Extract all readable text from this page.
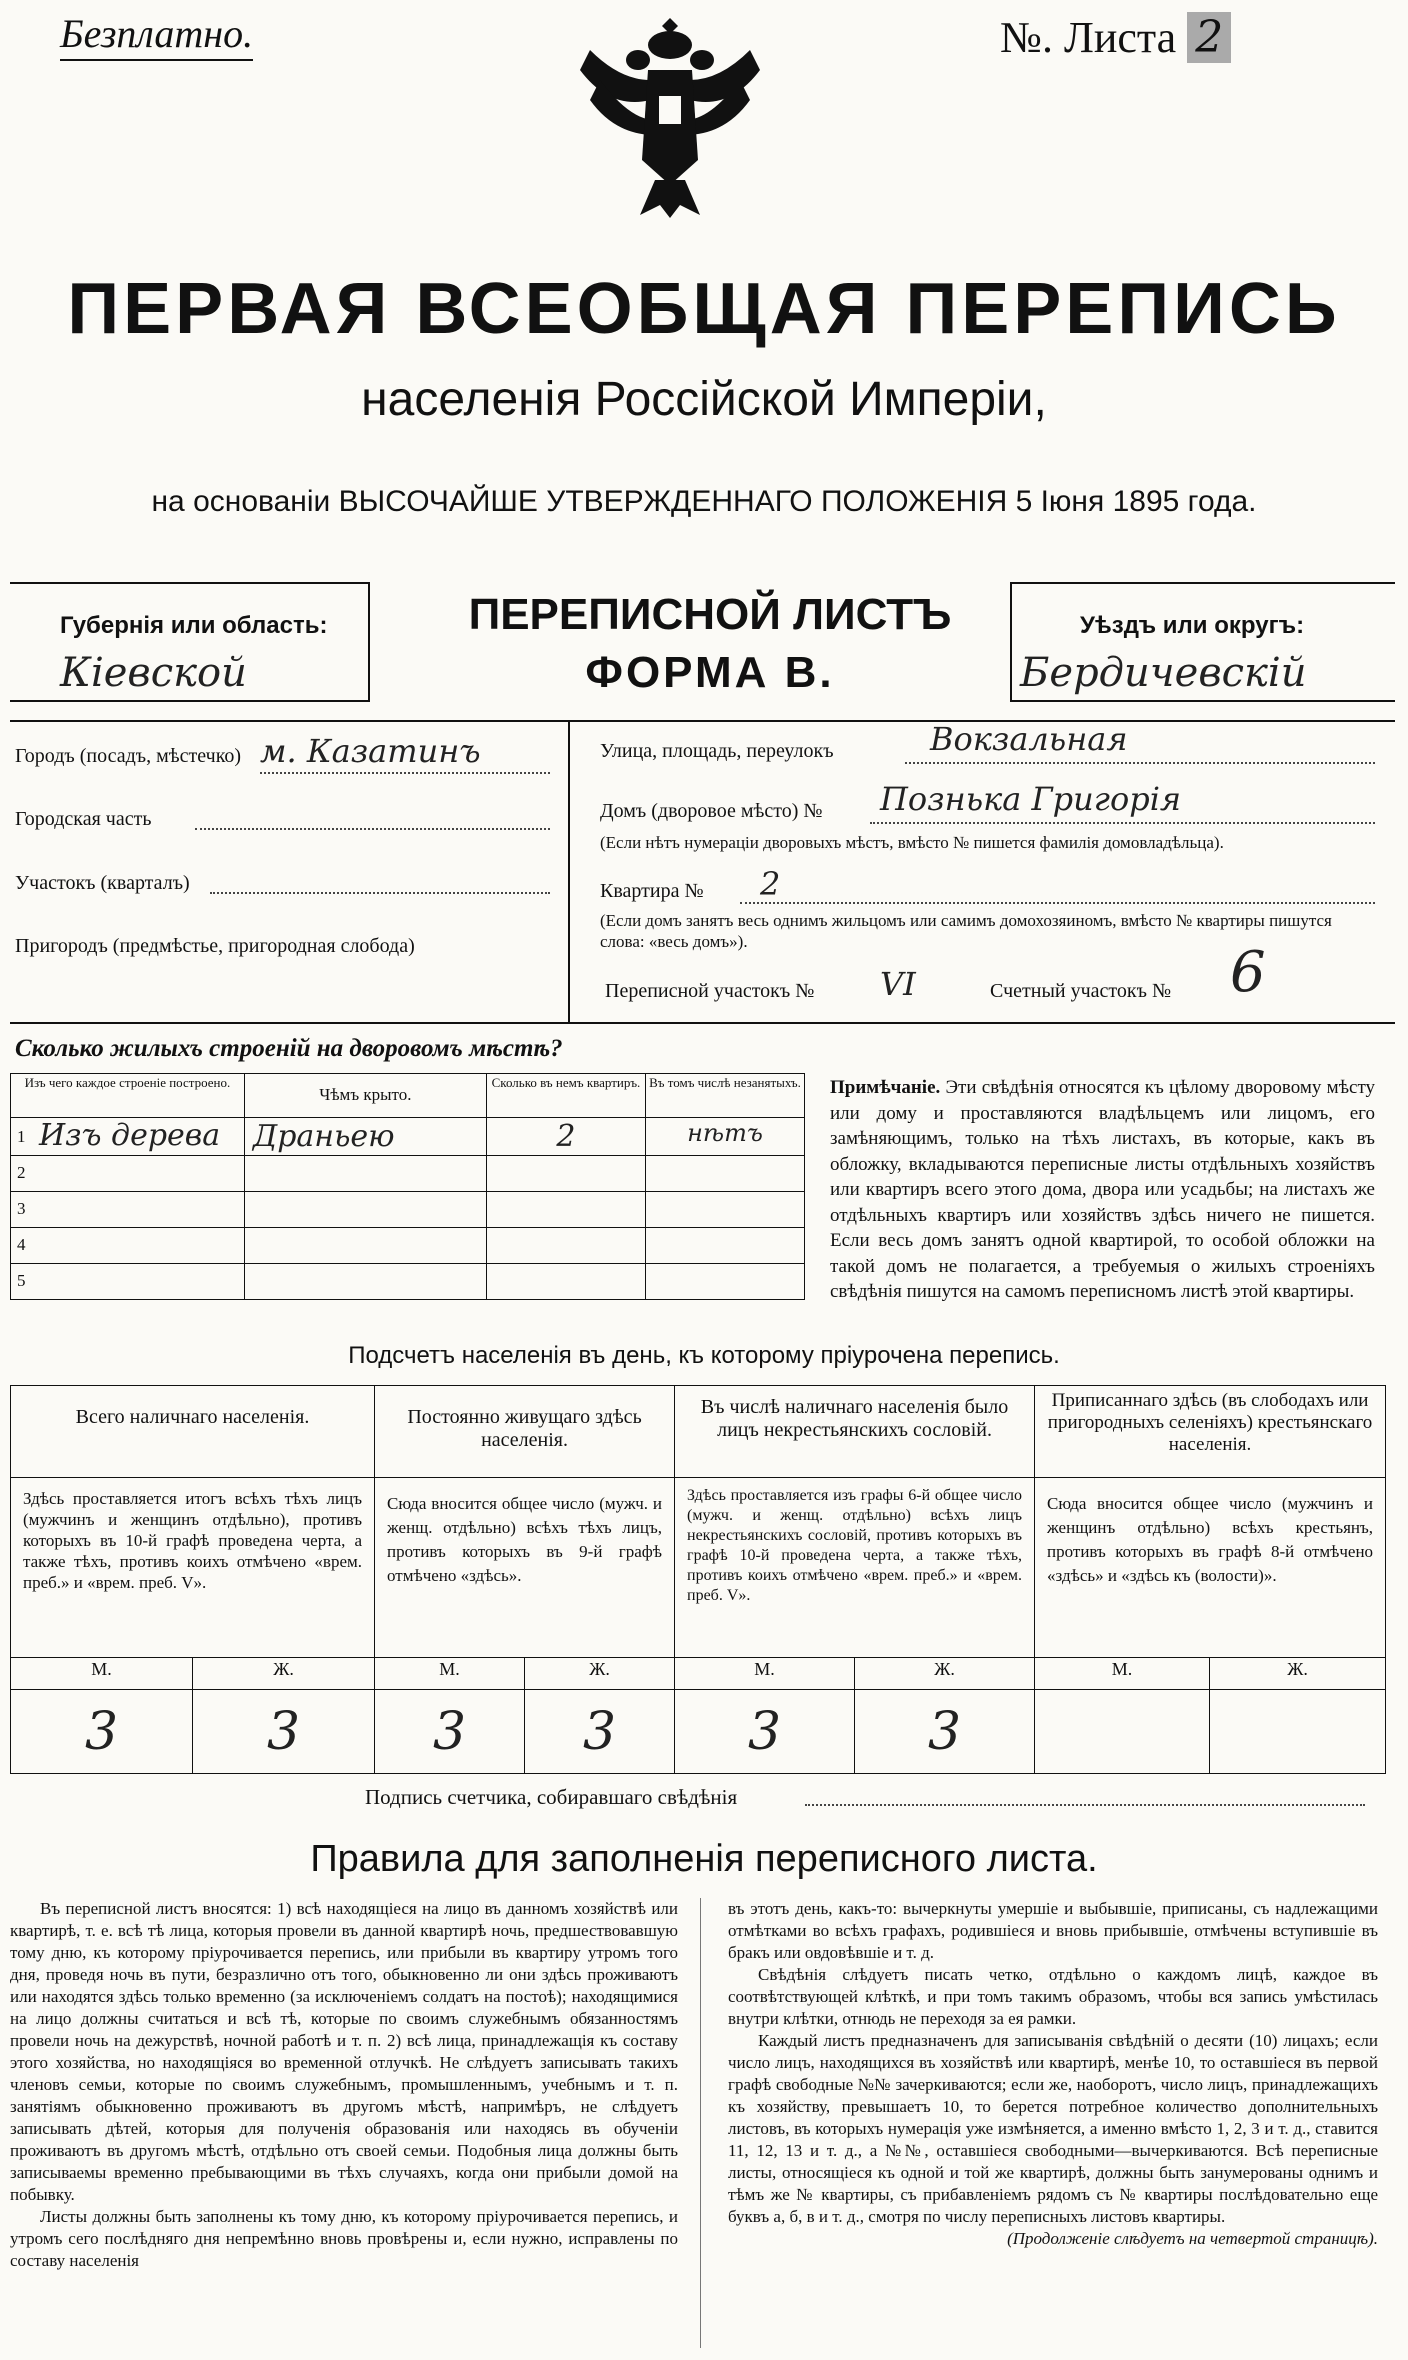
Безплатно.	№. Листа 2
ПЕРВАЯ ВСЕОБЩАЯ ПЕРЕПИСЬ
населенія Россійской Имперіи,
на основаніи ВЫСОЧАЙШЕ УТВЕРЖДЕННАГО ПОЛОЖЕНІЯ 5 Іюня 1895 года.
Губернія или область:
Кіевской
ПЕРЕПИСНОЙ ЛИСТЪ
ФОРМА В.
Уѣздъ или округъ:
Бердичевскій
Городъ (посадъ, мѣстечко) м. Казатинъ
Городская часть
Участокъ (кварталъ)
Пригородъ (предмѣстье, пригородная слобода)
Улица, площадь, переулокъ	Вокзальная
Домъ (дворовое мѣсто) № Познька Григорія
(Если нѣтъ нумераціи дворовыхъ мѣстъ, вмѣсто № пишется фамилія домовладѣльца).
Квартира № 2
(Если домъ занятъ весь однимъ жильцомъ или самимъ домохозяиномъ, вмѣсто № квартиры пишутся слова: «весь домъ»).
Переписной участокъ № VI	Счетный участокъ № 6
Сколько жилыхъ строеній на дворовомъ мѣстѣ?
Изъ чего каждое строеніе построено.	Чѣмъ крыто.	Сколько въ немъ квартиръ.	Въ томъ числѣ незанятыхъ.

1 Изъ дерева	Драньею	2	нѣтъ
2			
3			
4			
5			
Примѣчаніе. Эти свѣдѣнія относятся къ цѣлому дворовому мѣсту или дому и проставляются владѣльцемъ или лицомъ, его замѣняющимъ, только на тѣхъ листахъ, въ которые, какъ въ обложку, вкладываются переписные листы отдѣльныхъ хозяйствъ или квартиръ всего этого дома, двора или усадьбы; на листахъ же отдѣльныхъ квартиръ или хозяйствъ здѣсь ничего не пишется. Если весь домъ занятъ одной квартирой, то особой обложки на такой домъ не полагается, а требуемыя о жилыхъ строеніяхъ свѣдѣнія пишутся на самомъ переписномъ листѣ этой квартиры.
Подсчетъ населенія въ день, къ которому пріурочена перепись.
Всего наличнаго населенія.		Постоянно живущаго здѣсь населенія.		Въ числѣ наличнаго населенія было лицъ некрестьянскихъ сословій.		Приписаннаго здѣсь (въ слободахъ или пригородныхъ селеніяхъ) крестьянскаго населенія.	
Здѣсь проставляется итогъ всѣхъ тѣхъ лицъ (мужчинъ и женщинъ отдѣльно), противъ которыхъ въ 10-й графѣ проведена черта, а также тѣхъ, противъ коихъ отмѣчено «врем. преб.» и «врем. преб. V».		Сюда вносится общее число (мужч. и женщ. отдѣльно) всѣхъ тѣхъ лицъ, противъ которыхъ въ 9-й графѣ отмѣчено «здѣсь».		Здѣсь проставляется изъ графы 6-й общее число (мужч. и женщ. отдѣльно) всѣхъ лицъ некрестьянскихъ сословій, противъ которыхъ въ графѣ 10-й проведена черта, а также тѣхъ, противъ коихъ отмѣчено «врем. преб.» и «врем. преб. V».		Сюда вносится общее число (мужчинъ и женщинъ отдѣльно) всѣхъ крестьянъ, противъ которыхъ въ графѣ 8-й отмѣчено «здѣсь» и «здѣсь къ (волости)».	
М.	Ж.	М.	Ж.	М.	Ж.	М.	Ж.
3	3	3	3	3	3		
Подпись счетчика, собиравшаго свѣдѣнія
Правила для заполненія переписного листа.

Въ переписной листъ вносятся: 1) всѣ находящіеся на лицо въ данномъ хозяйствѣ или квартирѣ, т. е. всѣ тѣ лица, которыя провели въ данной квартирѣ ночь, предшествовавшую тому дню, къ которому пріурочивается перепись, или прибыли въ квартиру утромъ того дня, проведя ночь въ пути, безразлично отъ того, обыкновенно ли они здѣсь проживаютъ или находятся здѣсь только временно (за исключеніемъ солдатъ на постоѣ); находящимися на лицо должны считаться и всѣ тѣ, которые по своимъ служебнымъ обязанностямъ провели ночь на дежурствѣ, ночной работѣ и т. п. 2) всѣ лица, принадлежащія къ составу этого хозяйства, но находящіяся во временной отлучкѣ. Не слѣдуетъ записывать такихъ членовъ семьи, которые по своимъ служебнымъ, промышленнымъ, учебнымъ и т. п. занятіямъ обыкновенно проживаютъ въ другомъ мѣстѣ, напримѣръ, не слѣдуетъ записывать дѣтей, которыя для полученія образованія или находясь въ обученіи проживаютъ въ другомъ мѣстѣ, отдѣльно отъ своей семьи. Подобныя лица должны быть записываемы временно пребывающими въ тѣхъ случаяхъ, когда они прибыли домой на побывку.

Листы должны быть заполнены къ тому дню, къ которому пріурочивается перепись, и утромъ сего послѣдняго дня непремѣнно вновь провѣрены и, если нужно, исправлены по составу населенія

въ этотъ день, какъ-то: вычеркнуты умершіе и выбывшіе, приписаны, съ надлежащими отмѣтками во всѣхъ графахъ, родившіеся и вновь прибывшіе, отмѣчены вступившіе въ бракъ или овдовѣвшіе и т. д.

Свѣдѣнія слѣдуетъ писать четко, отдѣльно о каждомъ лицѣ, каждое въ соотвѣтствующей клѣткѣ, и при томъ такимъ образомъ, чтобы вся запись умѣстилась внутри клѣтки, отнюдь не переходя за ея рамки.

Каждый листъ предназначенъ для записыванія свѣдѣній о десяти (10) лицахъ; если число лицъ, находящихся въ хозяйствѣ или квартирѣ, менѣе 10, то оставшіеся въ первой графѣ свободные №№ зачеркиваются; если же, наоборотъ, число лицъ, принадлежащихъ къ хозяйству, превышаетъ 10, то берется потребное количество дополнительныхъ листовъ, въ которыхъ нумерація уже измѣняется, а именно вмѣсто 1, 2, 3 и т. д., ставится 11, 12, 13 и т. д., а №№, оставшіеся свободными—вычеркиваются. Всѣ переписные листы, относящіеся къ одной и той же квартирѣ, должны быть занумерованы однимъ и тѣмъ же № квартиры, съ прибавленіемъ рядомъ съ № квартиры послѣдовательно еще буквъ а, б, в и т. д., смотря по числу переписныхъ листовъ квартиры.

(Продолженіе слѣдуетъ на четвертой страницѣ).
